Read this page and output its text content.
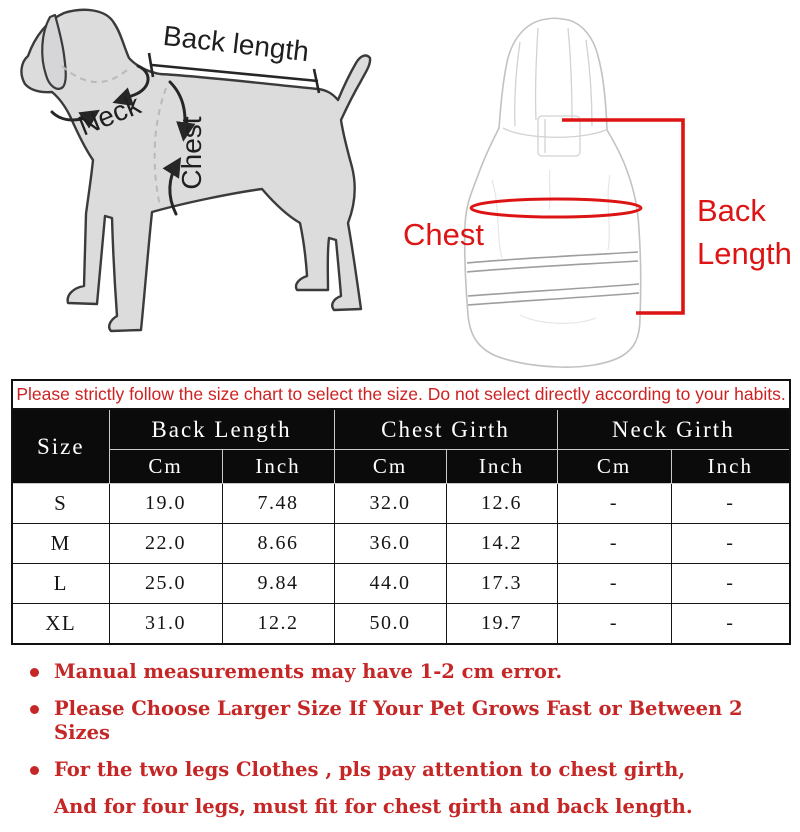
Back length
Neck
Chest
Chest
Back
Length
Please strictly follow the size chart to select the size. Do not select directly according to your habits.						
Size	Back Length		Chest Girth		Neck Girth	
	Cm	Inch	Cm	Inch	Cm	Inch
S	19.0	7.48	32.0	12.6	-	-
M	22.0	8.66	36.0	14.2	-	-
L	25.0	9.84	44.0	17.3	-	-
XL	31.0	12.2	50.0	19.7	-	-
Manual measurements may have 1-2 cm error.
Please Choose Larger Size If Your Pet Grows Fast or Between 2 Sizes
For the two legs Clothes , pls pay attention to chest girth,
And for four legs, must fit for chest girth and back length.
